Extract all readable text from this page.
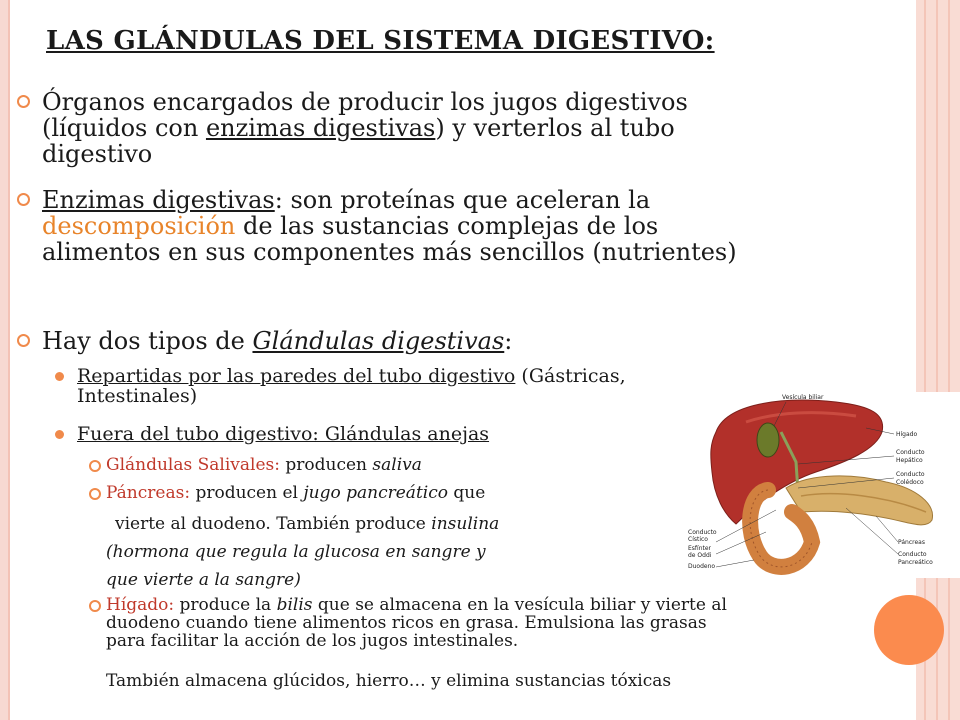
LAS GLÁNDULAS DEL SISTEMA DIGESTIVO:
Órganos encargados de producir los jugos digestivos
(líquidos con enzimas digestivas) y verterlos al tubo
digestivo
Enzimas digestivas: son proteínas que aceleran la
descomposición de las sustancias complejas de los
alimentos en sus componentes más sencillos (nutrientes)
Hay dos tipos de Glándulas digestivas:
Repartidas por las paredes del tubo digestivo (Gástricas,
Intestinales)
Fuera del tubo digestivo: Glándulas anejas
Glándulas Salivales: producen saliva
Páncreas: producen el jugo pancreático que
vierte al duodeno. También produce insulina
(hormona que regula la glucosa en sangre y
que vierte a la sangre)
Hígado: produce la bilis que se almacena en la vesícula biliar y vierte al
duodeno cuando tiene alimentos ricos en grasa. Emulsiona las grasas
para facilitar la acción de los jugos intestinales.
También almacena glúcidos, hierro… y elimina sustancias tóxicas
Vesícula biliar
Hígado
Conducto
Hepático
Conducto
Colédoco
Conducto
Cístico
Esfínter
de Oddi
Duodeno
Páncreas
Conducto
Pancreático
